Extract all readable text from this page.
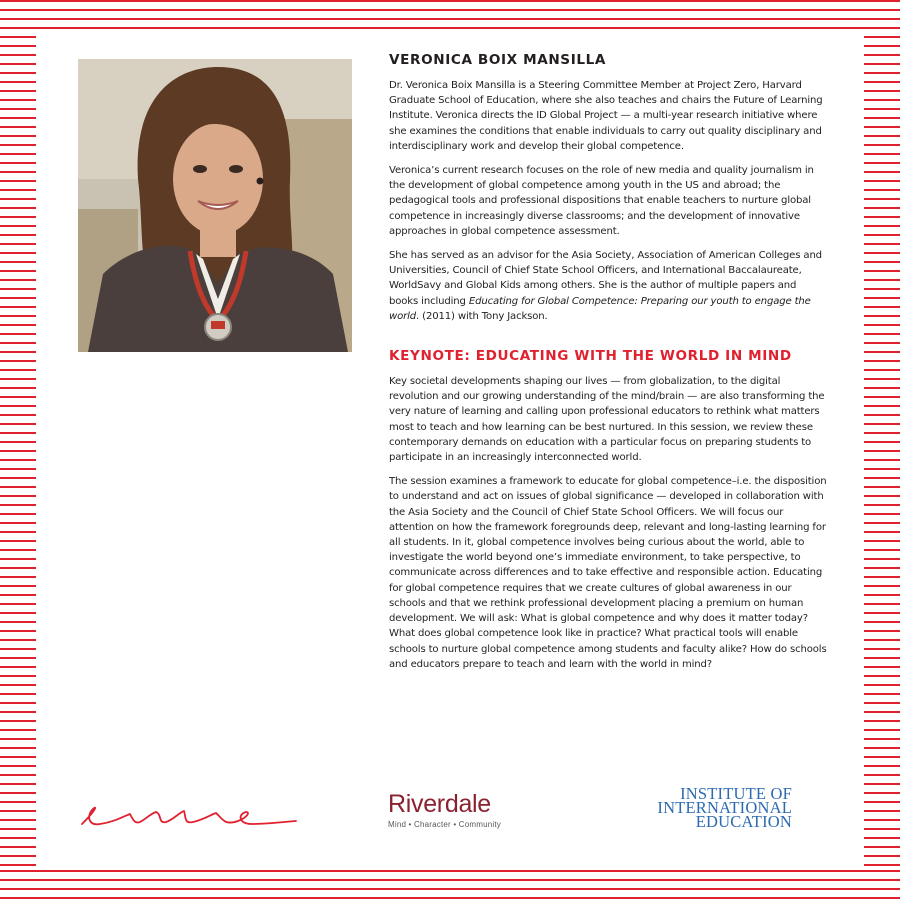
VERONICA BOIX MANSILLA

Dr. Veronica Boix Mansilla is a Steering Committee Member at Project Zero, Harvard Graduate School of Education, where she also teaches and chairs the Future of Learning Institute. Veronica directs the ID Global Project — a multi-year research initiative where she examines the conditions that enable individuals to carry out quality disciplinary and interdisciplinary work and develop their global competence.

Veronica’s current research focuses on the role of new media and quality journalism in the development of global competence among youth in the US and abroad; the pedagogical tools and professional dispositions that enable teachers to nurture global competence in increasingly diverse classrooms; and the development of innovative approaches in global competence assessment.

She has served as an advisor for the Asia Society, Association of American Colleges and Universities, Council of Chief State School Officers, and International Baccalaureate, WorldSavy and Global Kids among others. She is the author of multiple papers and books including Educating for Global Competence: Preparing our youth to engage the world. (2011) with Tony Jackson.

KEYNOTE: EDUCATING WITH THE WORLD IN MIND

Key societal developments shaping our lives — from globalization, to the digital revolution and our growing understanding of the mind/brain — are also transforming the very nature of learning and calling upon professional educators to rethink what matters most to teach and how learning can be best nurtured. In this session, we review these contemporary demands on education with a particular focus on preparing students to participate in an increasingly interconnected world.

The session examines a framework to educate for global competence–i.e. the disposition to understand and act on issues of global significance — developed in collaboration with the Asia Society and the Council of Chief State School Officers. We will focus our attention on how the framework foregrounds deep, relevant and long-lasting learning for all students. In it, global competence involves being curious about the world, able to investigate the world beyond one’s immediate environment, to take perspective, to communicate across differences and to take effective and responsible action. Educating for global competence requires that we create cultures of global awareness in our schools and that we rethink professional development placing a premium on human development. We will ask: What is global competence and why does it matter today? What does global competence look like in practice? What practical tools will enable schools to nurture global competence among students and faculty alike? How do schools and educators prepare to teach and learn with the world in mind?

Riverdale
Mind • Character • Community
INSTITUTE OF
INTERNATIONAL
EDUCATION
